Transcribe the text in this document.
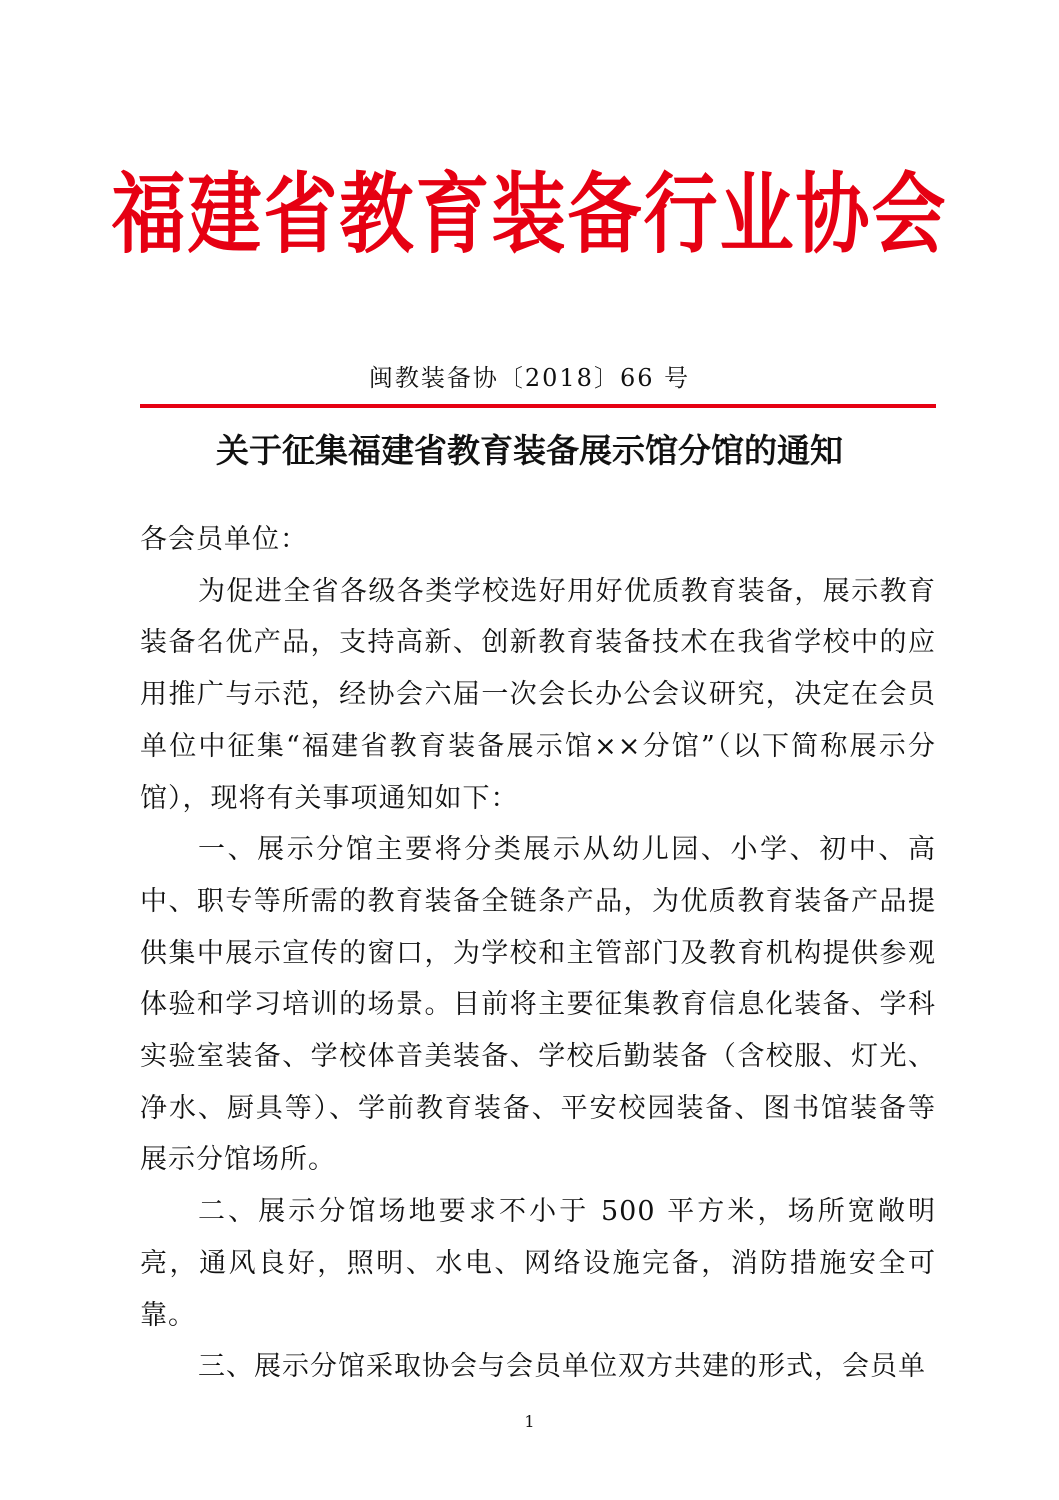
福建省教育装备行业协会
闽教装备协〔2018〕66 号
关于征集福建省教育装备展示馆分馆的通知

各会员单位：

为促进全省各级各类学校选好用好优质教育装备，展示教育装备名优产品，支持高新、创新教育装备技术在我省学校中的应用推广与示范，经协会六届一次会长办公会议研究，决定在会员单位中征集“福建省教育装备展示馆××分馆”（以下简称展示分馆），现将有关事项通知如下：

一、展示分馆主要将分类展示从幼儿园、小学、初中、高中、职专等所需的教育装备全链条产品，为优质教育装备产品提供集中展示宣传的窗口，为学校和主管部门及教育机构提供参观体验和学习培训的场景。目前将主要征集教育信息化装备、学科实验室装备、学校体音美装备、学校后勤装备（含校服、灯光、净水、厨具等）、学前教育装备、平安校园装备、图书馆装备等展示分馆场所。

二、展示分馆场地要求不小于 500 平方米，场所宽敞明亮，通风良好，照明、水电、网络设施完备，消防措施安全可靠。

三、展示分馆采取协会与会员单位双方共建的形式，会员单

1
